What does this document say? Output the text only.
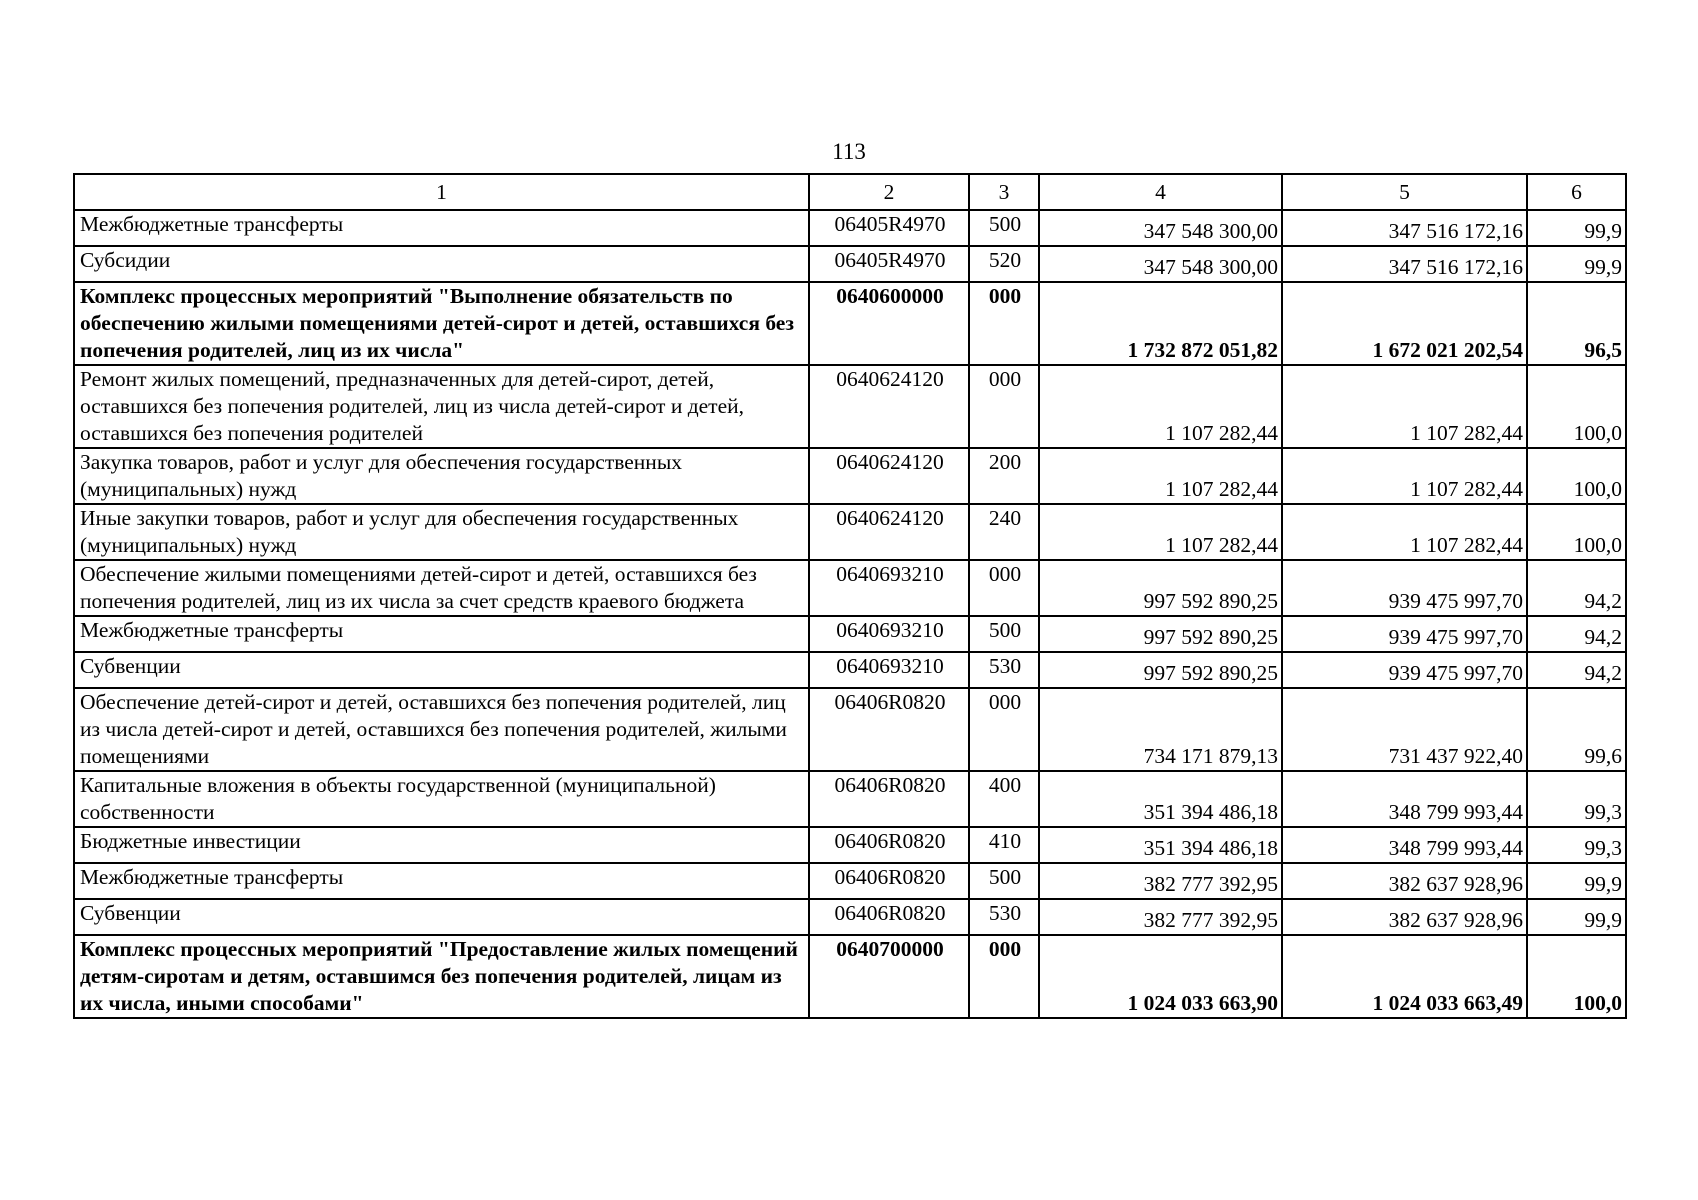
113
1	2	3	4	5	6
Межбюджетные трансферты	06405R4970	500	347 548 300,00	347 516 172,16	99,9
Субсидии	06405R4970	520	347 548 300,00	347 516 172,16	99,9
Комплекс процессных мероприятий "Выполнение обязательств по обеспечению жилыми помещениями детей-сирот и детей, оставшихся без попечения родителей, лиц из их числа"	0640600000	000	1 732 872 051,82	1 672 021 202,54	96,5
Ремонт жилых помещений, предназначенных для детей-сирот, детей, оставшихся без попечения родителей, лиц из числа детей-сирот и детей, оставшихся без попечения родителей	0640624120	000	1 107 282,44	1 107 282,44	100,0
Закупка товаров, работ и услуг для обеспечения государственных (муниципальных) нужд	0640624120	200	1 107 282,44	1 107 282,44	100,0
Иные закупки товаров, работ и услуг для обеспечения государственных (муниципальных) нужд	0640624120	240	1 107 282,44	1 107 282,44	100,0
Обеспечение жилыми помещениями детей-сирот и детей, оставшихся без попечения родителей, лиц из их числа за счет средств краевого бюджета	0640693210	000	997 592 890,25	939 475 997,70	94,2
Межбюджетные трансферты	0640693210	500	997 592 890,25	939 475 997,70	94,2
Субвенции	0640693210	530	997 592 890,25	939 475 997,70	94,2
Обеспечение детей-сирот и детей, оставшихся без попечения родителей, лиц из числа детей-сирот и детей, оставшихся без попечения родителей, жилыми помещениями	06406R0820	000	734 171 879,13	731 437 922,40	99,6
Капитальные вложения в объекты государственной (муниципальной) собственности	06406R0820	400	351 394 486,18	348 799 993,44	99,3
Бюджетные инвестиции	06406R0820	410	351 394 486,18	348 799 993,44	99,3
Межбюджетные трансферты	06406R0820	500	382 777 392,95	382 637 928,96	99,9
Субвенции	06406R0820	530	382 777 392,95	382 637 928,96	99,9
Комплекс процессных мероприятий "Предоставление жилых помещений детям-сиротам и детям, оставшимся без попечения родителей, лицам из их числа, иными способами"	0640700000	000	1 024 033 663,90	1 024 033 663,49	100,0
